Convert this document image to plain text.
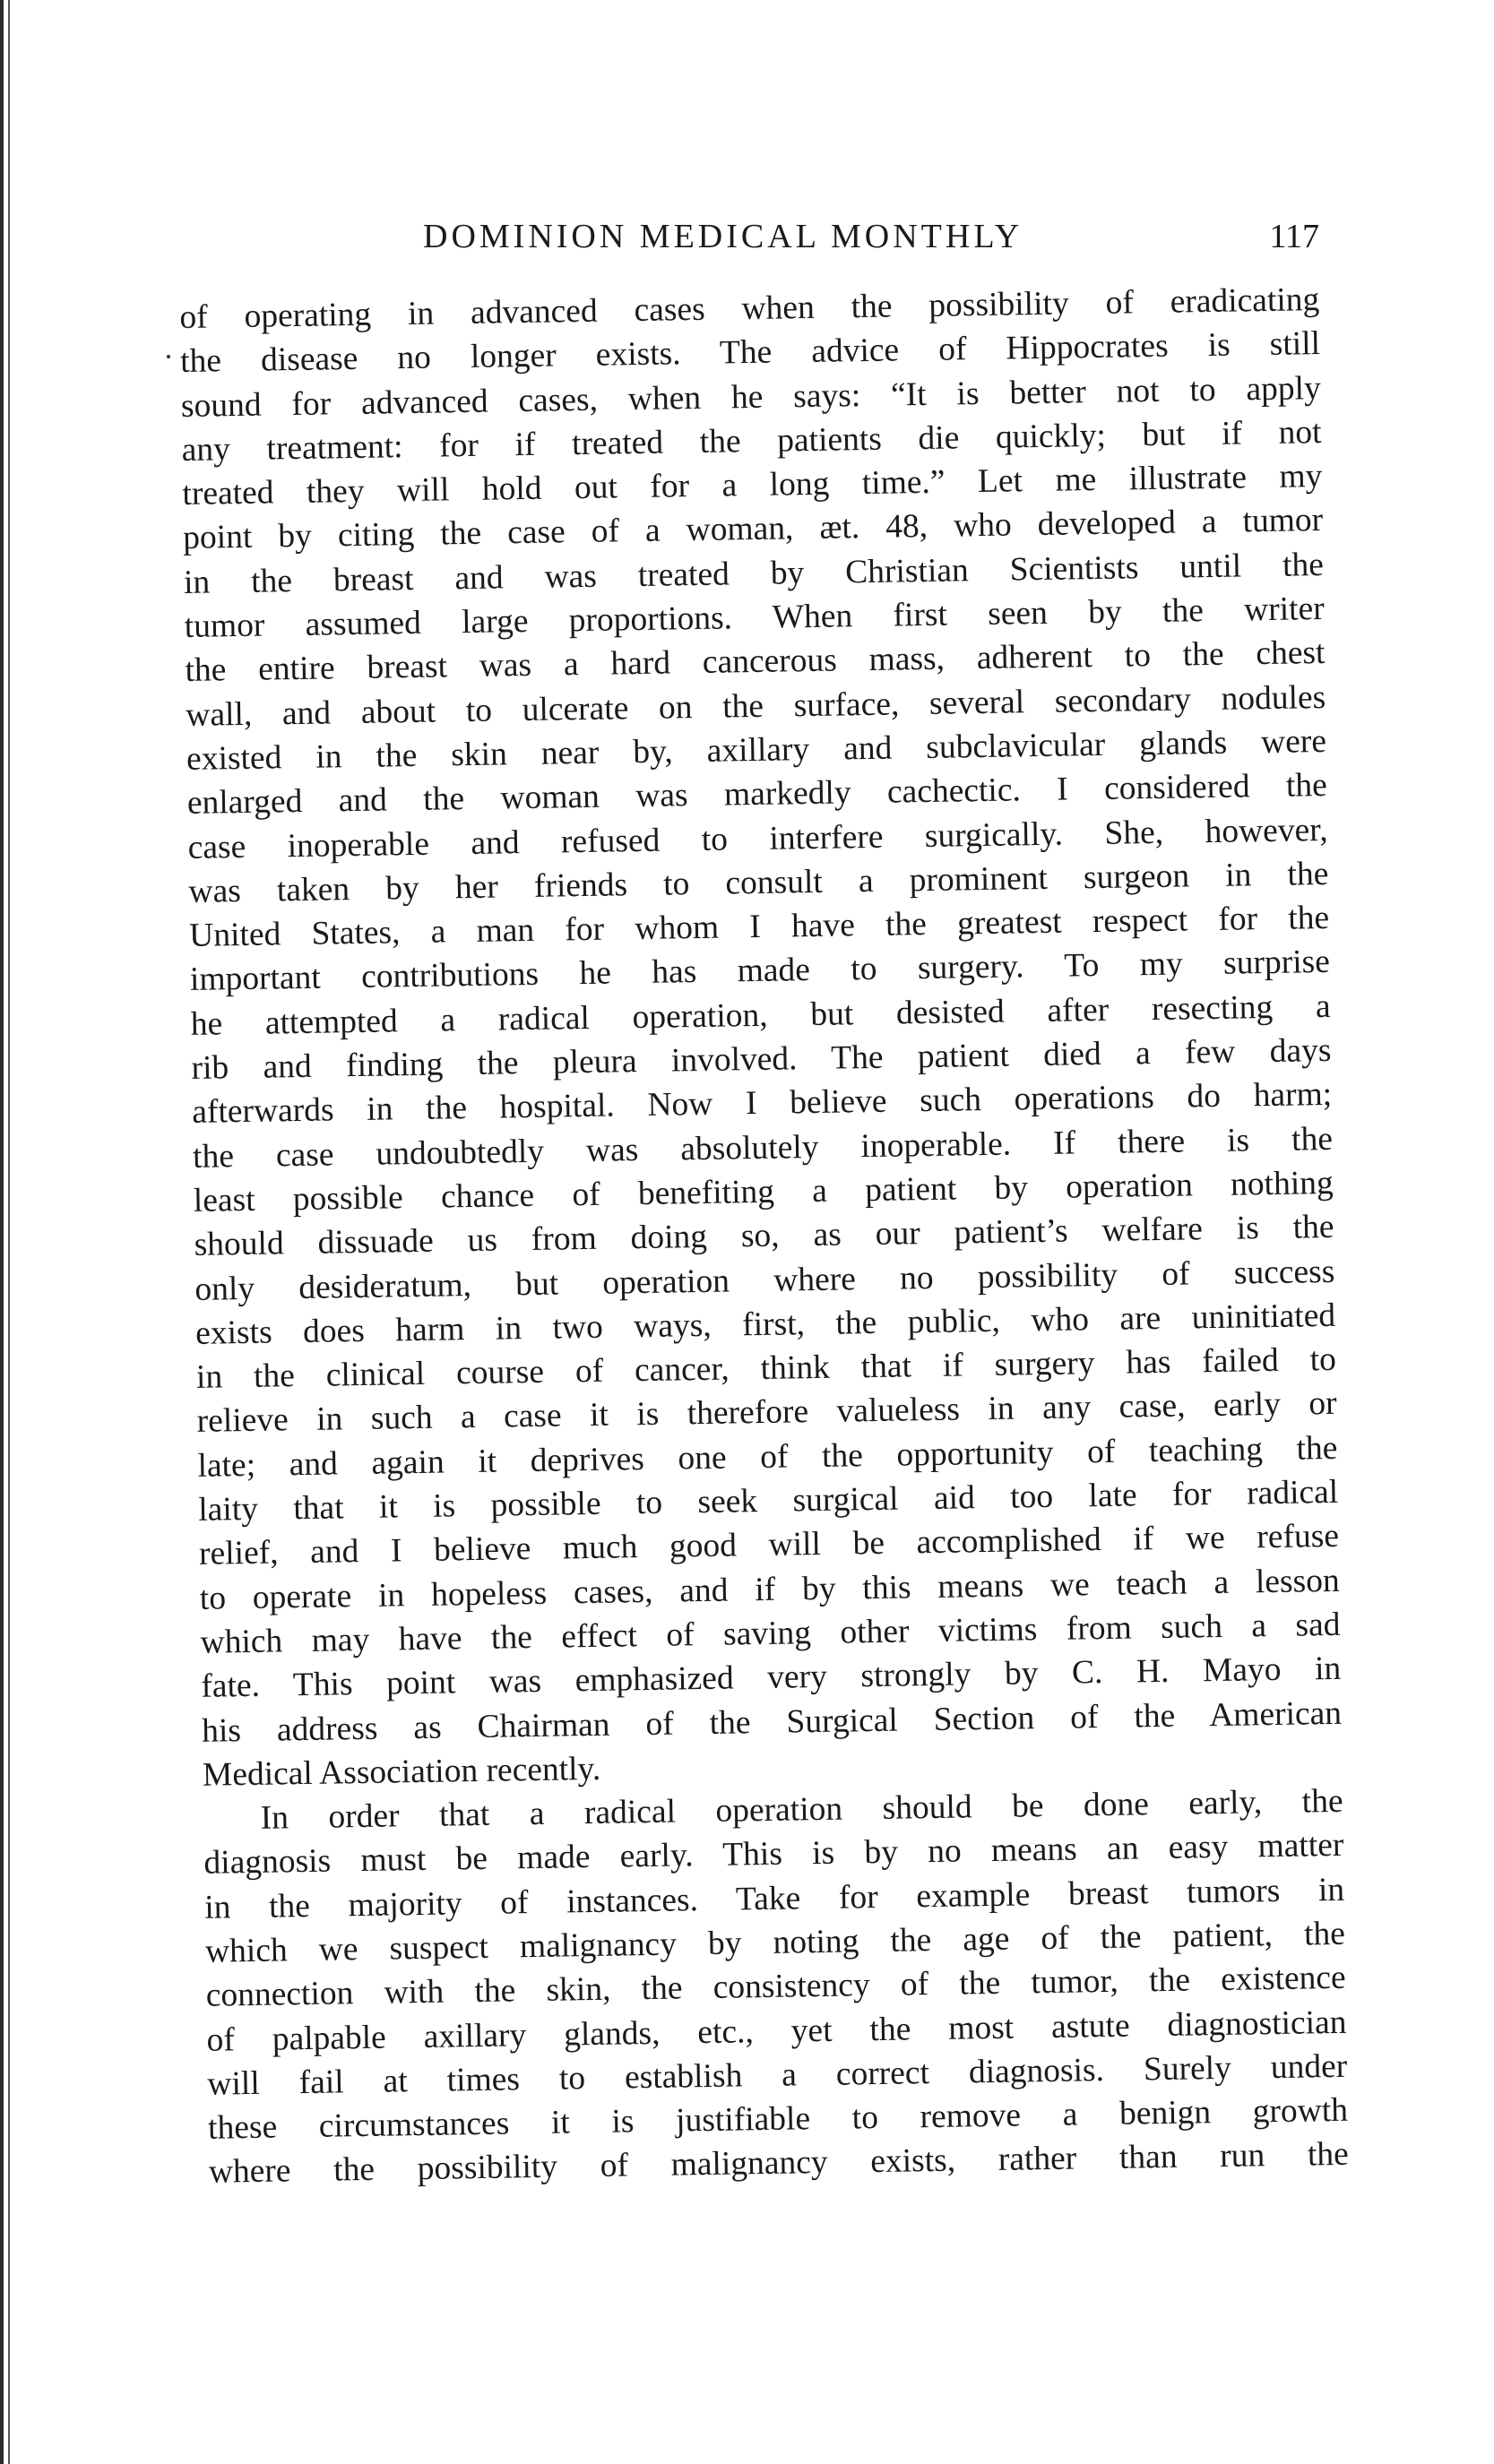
DOMINION MEDICAL MONTHLY	117
of operating in advanced cases when the possibility of eradicating
the disease no longer exists. The advice of Hippocrates is still
sound for advanced cases, when he says: “It is better not to apply
any treatment: for if treated the patients die quickly; but if not
treated they will hold out for a long time.” Let me illustrate my
point by citing the case of a woman, æt. 48, who developed a tumor
in the breast and was treated by Christian Scientists until the
tumor assumed large proportions. When first seen by the writer
the entire breast was a hard cancerous mass, adherent to the chest
wall, and about to ulcerate on the surface, several secondary nodules
existed in the skin near by, axillary and subclavicular glands were
enlarged and the woman was markedly cachectic. I considered the
case inoperable and refused to interfere surgically. She, however,
was taken by her friends to consult a prominent surgeon in the
United States, a man for whom I have the greatest respect for the
important contributions he has made to surgery. To my surprise
he attempted a radical operation, but desisted after resecting a
rib and finding the pleura involved. The patient died a few days
afterwards in the hospital. Now I believe such operations do harm;
the case undoubtedly was absolutely inoperable. If there is the
least possible chance of benefiting a patient by operation nothing
should dissuade us from doing so, as our patient’s welfare is the
only desideratum, but operation where no possibility of success
exists does harm in two ways, first, the public, who are uninitiated
in the clinical course of cancer, think that if surgery has failed to
relieve in such a case it is therefore valueless in any case, early or
late; and again it deprives one of the opportunity of teaching the
laity that it is possible to seek surgical aid too late for radical
relief, and I believe much good will be accomplished if we refuse
to operate in hopeless cases, and if by this means we teach a lesson
which may have the effect of saving other victims from such a sad
fate. This point was emphasized very strongly by C. H. Mayo in
his address as Chairman of the Surgical Section of the American
Medical Association recently.
In order that a radical operation should be done early, the
diagnosis must be made early. This is by no means an easy matter
in the majority of instances. Take for example breast tumors in
which we suspect malignancy by noting the age of the patient, the
connection with the skin, the consistency of the tumor, the existence
of palpable axillary glands, etc., yet the most astute diagnostician
will fail at times to establish a correct diagnosis. Surely under
these circumstances it is justifiable to remove a benign growth
where the possibility of malignancy exists, rather than run the
